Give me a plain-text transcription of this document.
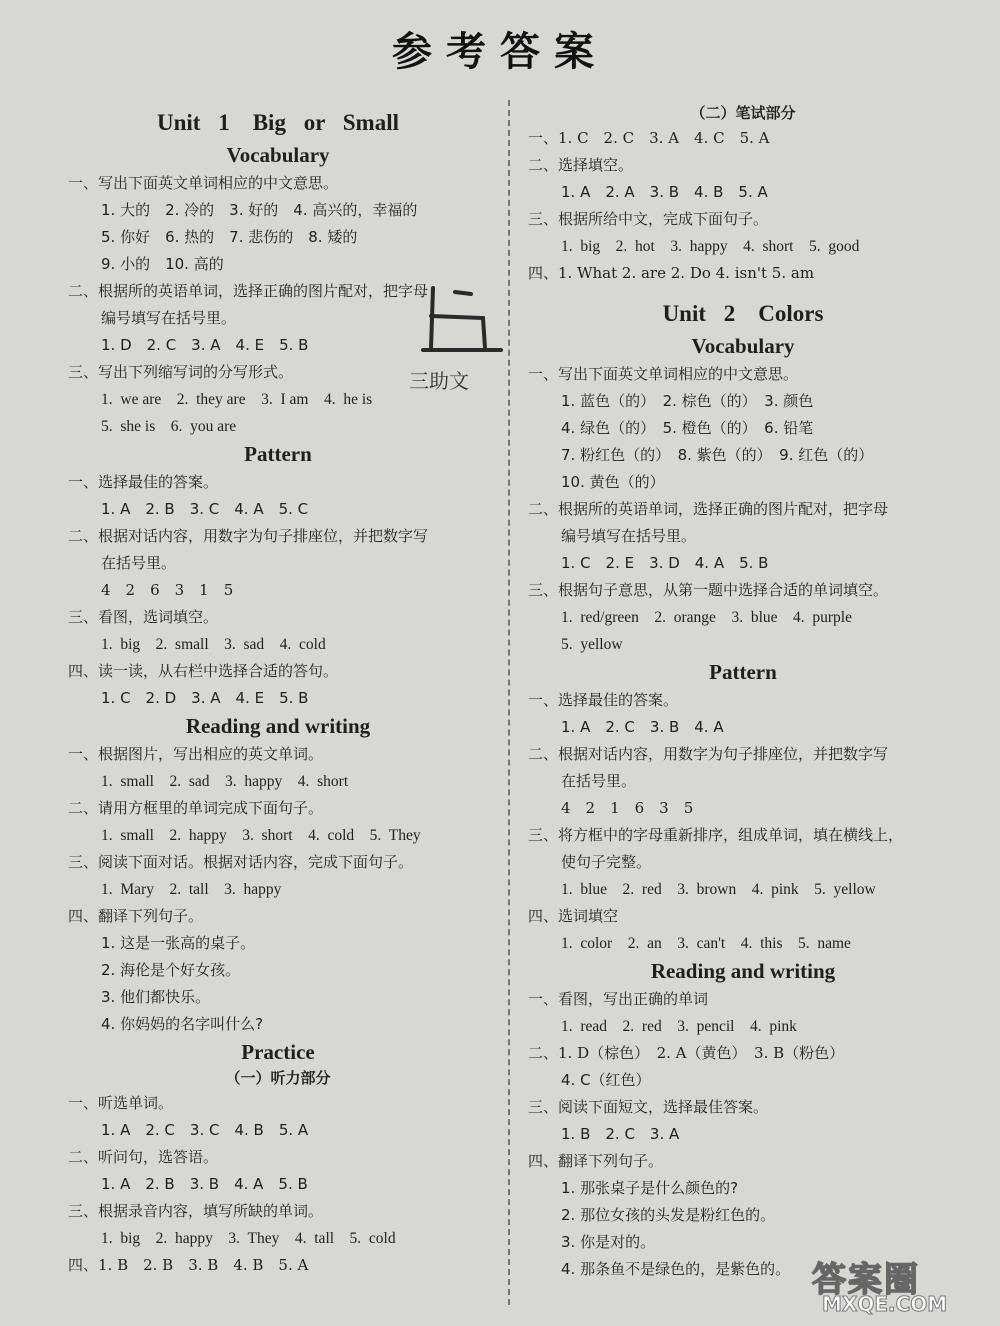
参考答案
Unit 1　Big or Small
Vocabulary
一、写出下面英文单词相应的中文意思。
1. 大的　2. 冷的　3. 好的　4. 高兴的，幸福的
5. 你好　6. 热的　7. 悲伤的　8. 矮的
9. 小的　10. 高的
二、根据所的英语单词，选择正确的图片配对，把字母
编号填写在括号里。
1. D　2. C　3. A　4. E　5. B
三、写出下列缩写词的分写形式。
1.  we are    2.  they are    3.  I am    4.  he is
5.  she is    6.  you are
Pattern
一、选择最佳的答案。
1. A　2. B　3. C　4. A　5. C
二、根据对话内容，用数字为句子排座位，并把数字写
在括号里。
4　2　6　3　1　5
三、看图，选词填空。
1.  big    2.  small    3.  sad    4.  cold
四、读一读，从右栏中选择合适的答句。
1. C　2. D　3. A　4. E　5. B
Reading and writing
一、根据图片，写出相应的英文单词。
1.  small    2.  sad    3.  happy    4.  short
二、请用方框里的单词完成下面句子。
1.  small    2.  happy    3.  short    4.  cold    5.  They
三、阅读下面对话。根据对话内容，完成下面句子。
1.  Mary    2.  tall    3.  happy
四、翻译下列句子。
1. 这是一张高的桌子。
2. 海伦是个好女孩。
3. 他们都快乐。
4. 你妈妈的名字叫什么?
Practice
（一）听力部分
一、听选单词。
1. A　2. C　3. C　4. B　5. A
二、听问句，选答语。
1. A　2. B　3. B　4. A　5. B
三、根据录音内容，填写所缺的单词。
1.  big    2.  happy    3.  They    4.  tall    5.  cold
四、1. B　2. B　3. B　4. B　5. A
（二）笔试部分
一、1. C　2. C　3. A　4. C　5. A
二、选择填空。
1. A　2. A　3. B　4. B　5. A
三、根据所给中文，完成下面句子。
1.  big    2.  hot    3.  happy    4.  short    5.  good
四、1. What 2. are 2. Do 4. isn't 5. am
Unit 2　Colors
Vocabulary
一、写出下面英文单词相应的中文意思。
1. 蓝色（的）　2. 棕色（的）　3. 颜色
4. 绿色（的）　5. 橙色（的）　6. 铅笔
7. 粉红色（的）　8. 紫色（的）　9. 红色（的）
10. 黄色（的）
二、根据所的英语单词，选择正确的图片配对，把字母
编号填写在括号里。
1. C　2. E　3. D　4. A　5. B
三、根据句子意思，从第一题中选择合适的单词填空。
1.  red/green    2.  orange    3.  blue    4.  purple
5.  yellow
Pattern
一、选择最佳的答案。
1. A　2. C　3. B　4. A
二、根据对话内容，用数字为句子排座位，并把数字写
在括号里。
4　2　1　6　3　5
三、将方框中的字母重新排序，组成单词，填在横线上，
使句子完整。
1.  blue    2.  red    3.  brown    4.  pink    5.  yellow
四、选词填空
1.  color    2.  an    3.  can't    4.  this    5.  name
Reading and writing
一、看图，写出正确的单词
1.  read    2.  red    3.  pencil    4.  pink
二、1. D（棕色）　2. A（黄色）　3. B（粉色）
4. C（红色）
三、阅读下面短文，选择最佳答案。
1. B　2. C　3. A
四、翻译下列句子。
1. 那张桌子是什么颜色的?
2. 那位女孩的头发是粉红色的。
3. 你是对的。
4. 那条鱼不是绿色的，是紫色的。
三助文
答案圈
MXQE.COM
